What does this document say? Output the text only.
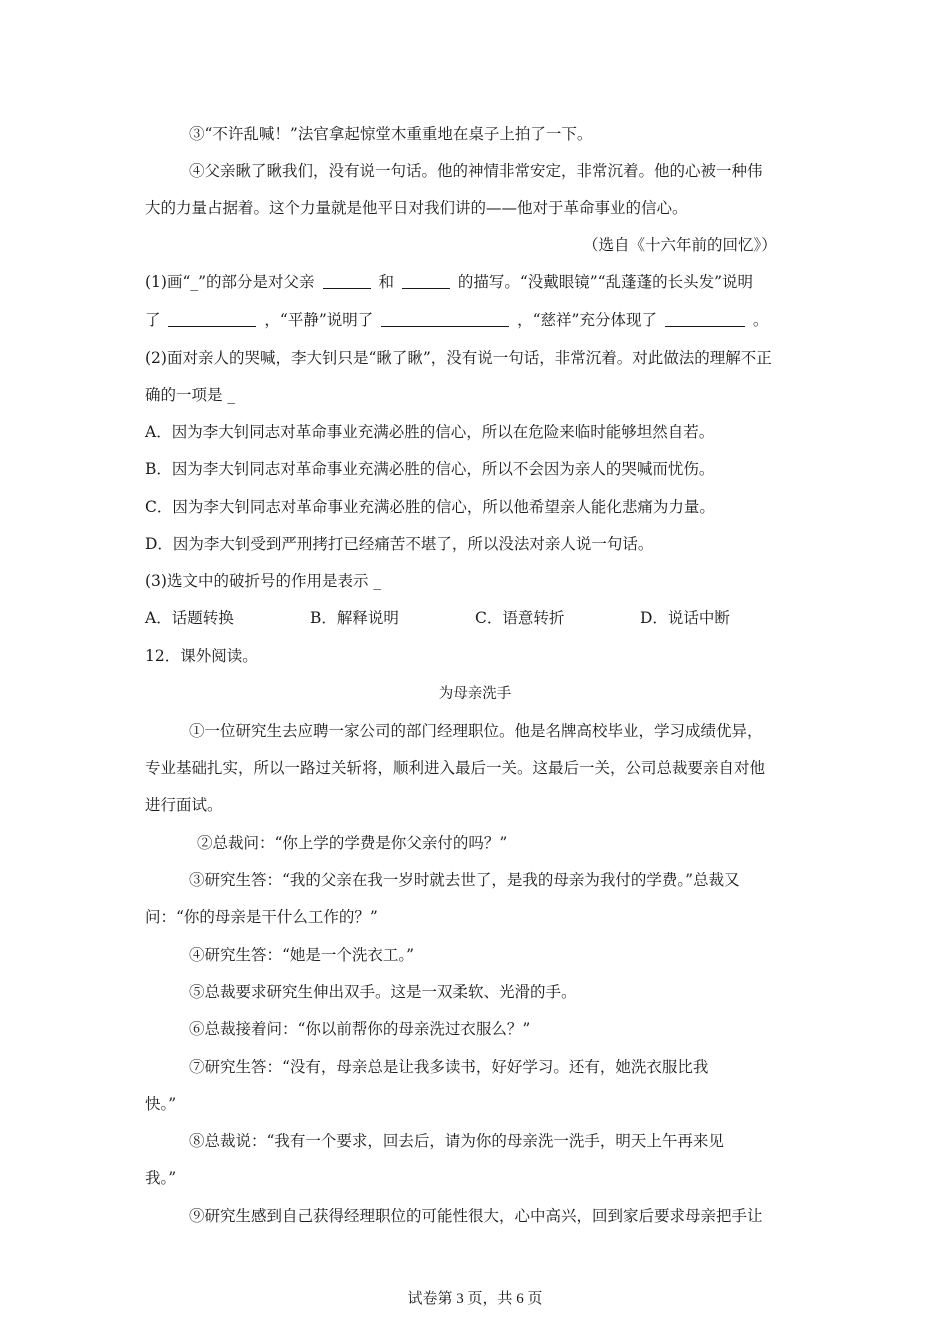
③“不许乱喊！”法官拿起惊堂木重重地在桌子上拍了一下。
④父亲瞅了瞅我们，没有说一句话。他的神情非常安定，非常沉着。他的心被一种伟
大的力量占据着。这个力量就是他平日对我们讲的——他对于革命事业的信心。
（选自《十六年前的回忆》）
(1)画“_”的部分是对父亲	和	的描写。“没戴眼镜”“乱蓬蓬的长头发”说明
了	，“平静”说明了	，“慈祥”充分体现了	。
(2)面对亲人的哭喊，李大钊只是“瞅了瞅”，没有说一句话，非常沉着。对此做法的理解不正
确的一项是 _
A．因为李大钊同志对革命事业充满必胜的信心，所以在危险来临时能够坦然自若。
B．因为李大钊同志对革命事业充满必胜的信心，所以不会因为亲人的哭喊而忧伤。
C．因为李大钊同志对革命事业充满必胜的信心，所以他希望亲人能化悲痛为力量。
D．因为李大钊受到严刑拷打已经痛苦不堪了，所以没法对亲人说一句话。
(3)选文中的破折号的作用是表示 _
A．话题转换	B．解释说明	C．语意转折	D．说话中断
12．课外阅读。
为母亲洗手
①一位研究生去应聘一家公司的部门经理职位。他是名牌高校毕业，学习成绩优异，
专业基础扎实，所以一路过关斩将，顺利进入最后一关。这最后一关，公司总裁要亲自对他
进行面试。
②总裁问：“你上学的学费是你父亲付的吗？”
③研究生答：“我的父亲在我一岁时就去世了，是我的母亲为我付的学费。”总裁又
问：“你的母亲是干什么工作的？”
④研究生答：“她是一个洗衣工。”
⑤总裁要求研究生伸出双手。这是一双柔软、光滑的手。
⑥总裁接着问：“你以前帮你的母亲洗过衣服么？”
⑦研究生答：“没有，母亲总是让我多读书，好好学习。还有，她洗衣服比我
快。”
⑧总裁说：“我有一个要求，回去后，请为你的母亲洗一洗手，明天上午再来见
我。”
⑨研究生感到自己获得经理职位的可能性很大，心中高兴，回到家后要求母亲把手让
试卷第 3 页，共 6 页
